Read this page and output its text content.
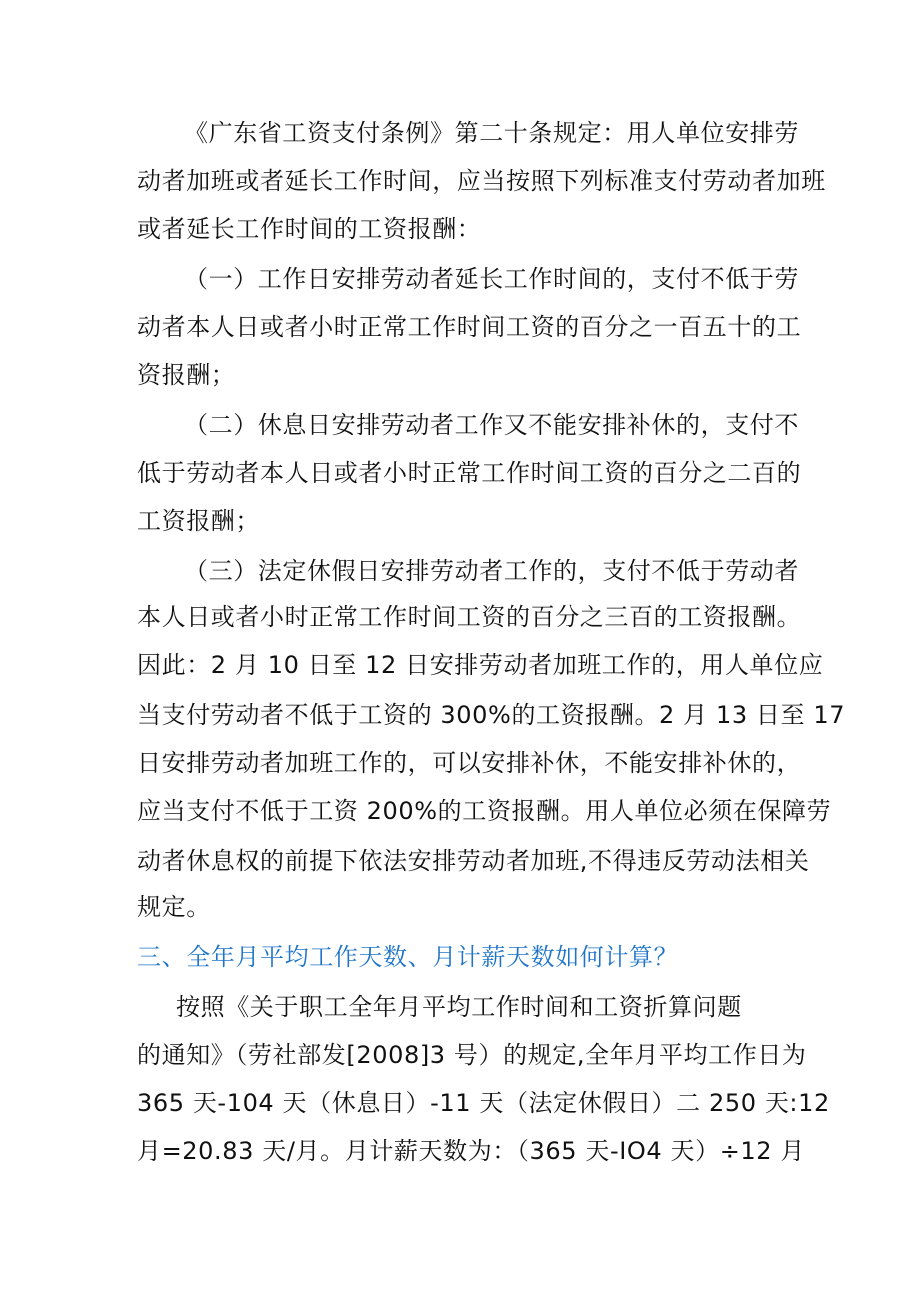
《广东省工资支付条例》第二十条规定：用人单位安排劳
动者加班或者延长工作时间，应当按照下列标准支付劳动者加班
或者延长工作时间的工资报酬：
（一）工作日安排劳动者延长工作时间的，支付不低于劳
动者本人日或者小时正常工作时间工资的百分之一百五十的工
资报酬；
（二）休息日安排劳动者工作又不能安排补休的，支付不
低于劳动者本人日或者小时正常工作时间工资的百分之二百的
工资报酬；
（三）法定休假日安排劳动者工作的，支付不低于劳动者
本人日或者小时正常工作时间工资的百分之三百的工资报酬。
因此：2 月 10 日至 12 日安排劳动者加班工作的，用人单位应
当支付劳动者不低于工资的 300%的工资报酬。2 月 13 日至 17
日安排劳动者加班工作的，可以安排补休，不能安排补休的，
应当支付不低于工资 200%的工资报酬。用人单位必须在保障劳
动者休息权的前提下依法安排劳动者加班,不得违反劳动法相关
规定。
三、全年月平均工作天数、月计薪天数如何计算？
按照《关于职工全年月平均工作时间和工资折算问题
的通知》（劳社部发[2008]3 号）的规定,全年月平均工作日为
365 天-104 天（休息日）-11 天（法定休假日）二 250 天:12
月=20.83 天/月。月计薪天数为：（365 天-IO4 天）÷12 月
